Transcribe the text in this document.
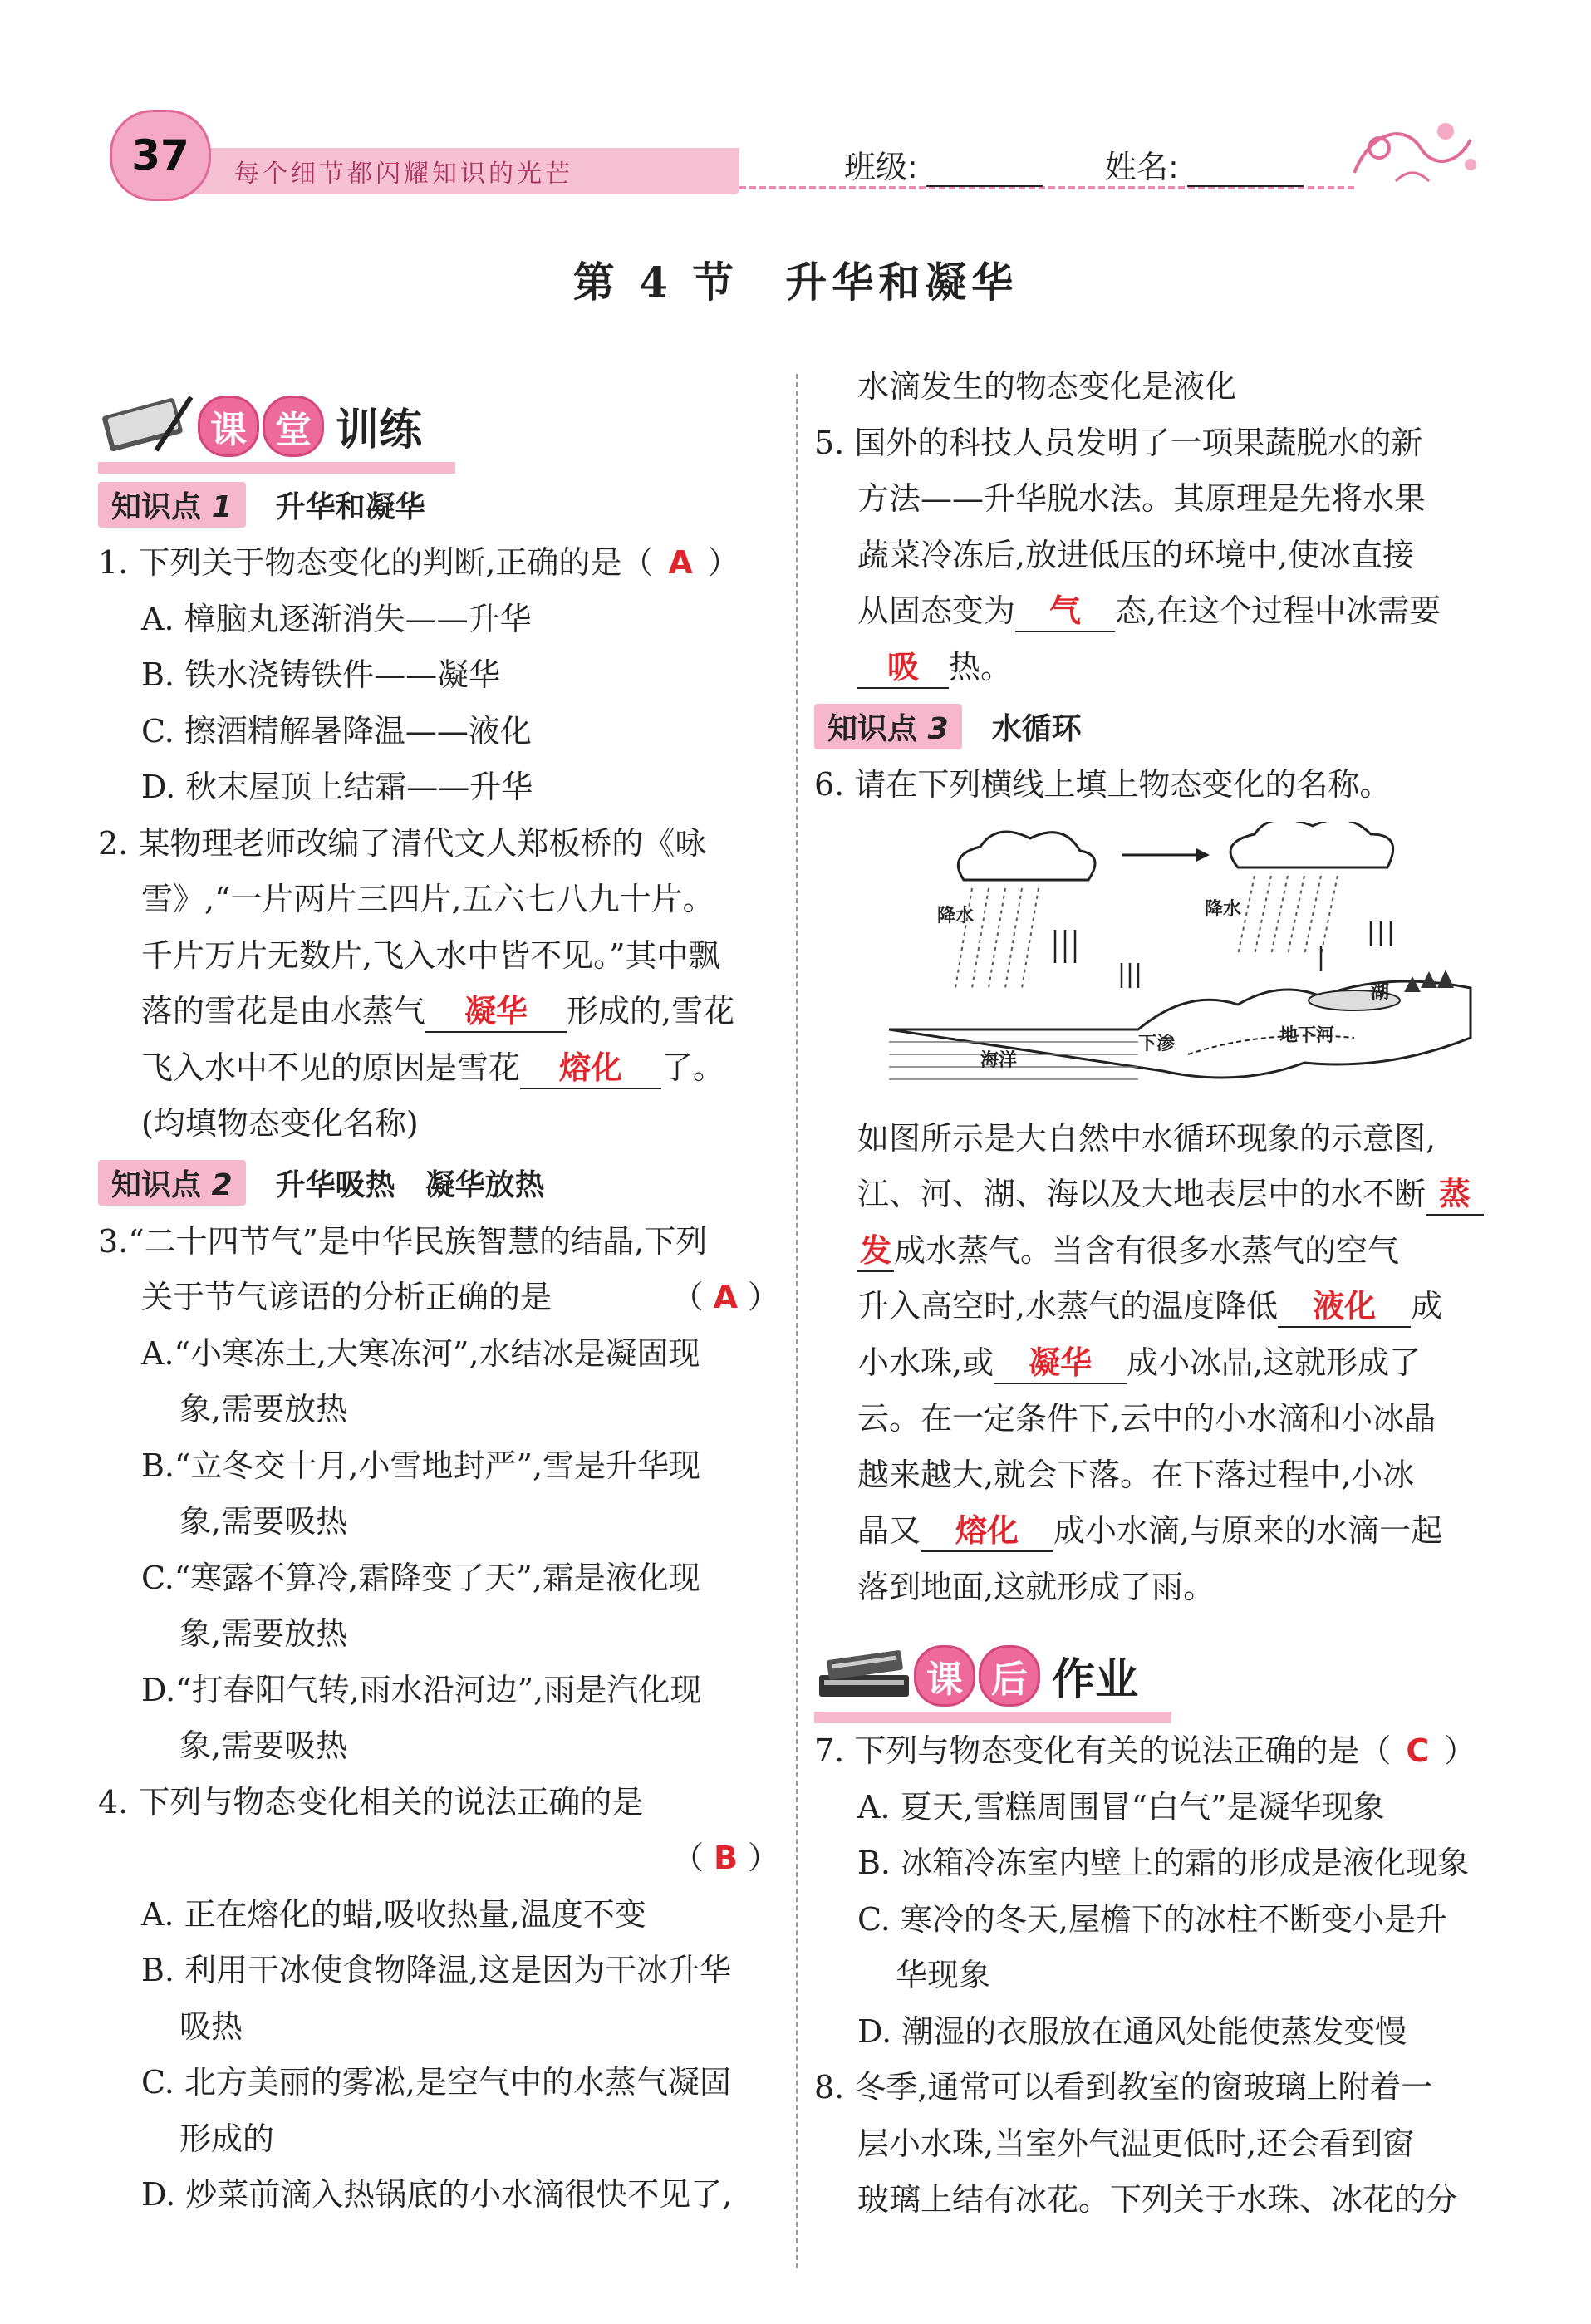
每个细节都闪耀知识的光芒
37	班级:	姓名:
第 4 节　升华和凝华
课 堂 训练
知识点 1	升华和凝华
1. 下列关于物态变化的判断,正确的是（ A ）
A. 樟脑丸逐渐消失——升华
B. 铁水浇铸铁件——凝华
C. 擦酒精解暑降温——液化
D. 秋末屋顶上结霜——升华
2. 某物理老师改编了清代文人郑板桥的《咏
雪》,“一片两片三四片,五六七八九十片。
千片万片无数片,飞入水中皆不见。”其中飘
落的雪花是由水蒸气 凝华 形成的,雪花
飞入水中不见的原因是雪花 熔化 了。
(均填物态变化名称)
知识点 2	升华吸热　凝华放热
3.“二十四节气”是中华民族智慧的结晶,下列
关于节气谚语的分析正确的是	（ A ）
A.“小寒冻土,大寒冻河”,水结冰是凝固现
象,需要放热
B.“立冬交十月,小雪地封严”,雪是升华现
象,需要吸热
C.“寒露不算冷,霜降变了天”,霜是液化现
象,需要放热
D.“打春阳气转,雨水沿河边”,雨是汽化现
象,需要吸热
4. 下列与物态变化相关的说法正确的是
（ B ）
A. 正在熔化的蜡,吸收热量,温度不变
B. 利用干冰使食物降温,这是因为干冰升华
吸热
C. 北方美丽的雾凇,是空气中的水蒸气凝固
形成的
D. 炒菜前滴入热锅底的小水滴很快不见了,
水滴发生的物态变化是液化
5. 国外的科技人员发明了一项果蔬脱水的新
方法——升华脱水法。其原理是先将水果
蔬菜冷冻后,放进低压的环境中,使冰直接
从固态变为 气 态,在这个过程中冰需要
吸 热。
知识点 3	水循环
6. 请在下列横线上填上物态变化的名称。
降水	降水
湖
下渗	地下河
海洋
如图所示是大自然中水循环现象的示意图,
江、河、湖、海以及大地表层中的水不断 蒸
发成水蒸气。当含有很多水蒸气的空气
升入高空时,水蒸气的温度降低 液化 成
小水珠,或 凝华 成小冰晶,这就形成了
云。在一定条件下,云中的小水滴和小冰晶
越来越大,就会下落。在下落过程中,小冰
晶又 熔化 成小水滴,与原来的水滴一起
落到地面,这就形成了雨。
课 后 作业
7. 下列与物态变化有关的说法正确的是（ C ）
A. 夏天,雪糕周围冒“白气”是凝华现象
B. 冰箱冷冻室内壁上的霜的形成是液化现象
C. 寒冷的冬天,屋檐下的冰柱不断变小是升
华现象
D. 潮湿的衣服放在通风处能使蒸发变慢
8. 冬季,通常可以看到教室的窗玻璃上附着一
层小水珠,当室外气温更低时,还会看到窗
玻璃上结有冰花。下列关于水珠、冰花的分
